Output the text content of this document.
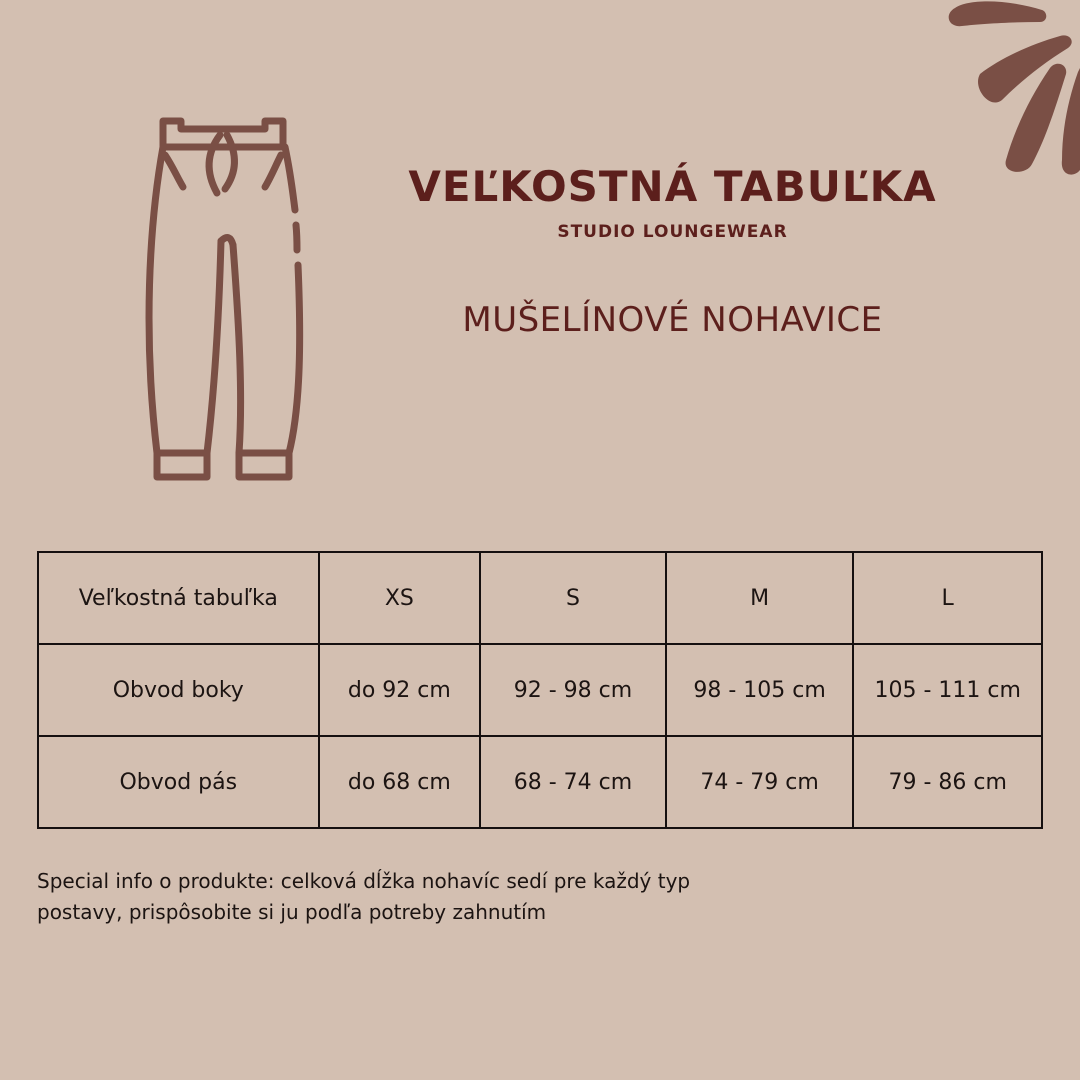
VEĽKOSTNÁ TABUĽKA
STUDIO LOUNGEWEAR
MUŠELÍNOVÉ NOHAVICE
Veľkostná tabuľka	XS	S	M	L
Obvod boky	do 92 cm	92 - 98 cm	98 - 105 cm	105 - 111 cm
Obvod pás	do 68 cm	68 - 74 cm	74 - 79 cm	79 - 86 cm
Special info o produkte: celková dĺžka nohavíc sedí pre každý typ postavy, prispôsobite si ju podľa potreby zahnutím
